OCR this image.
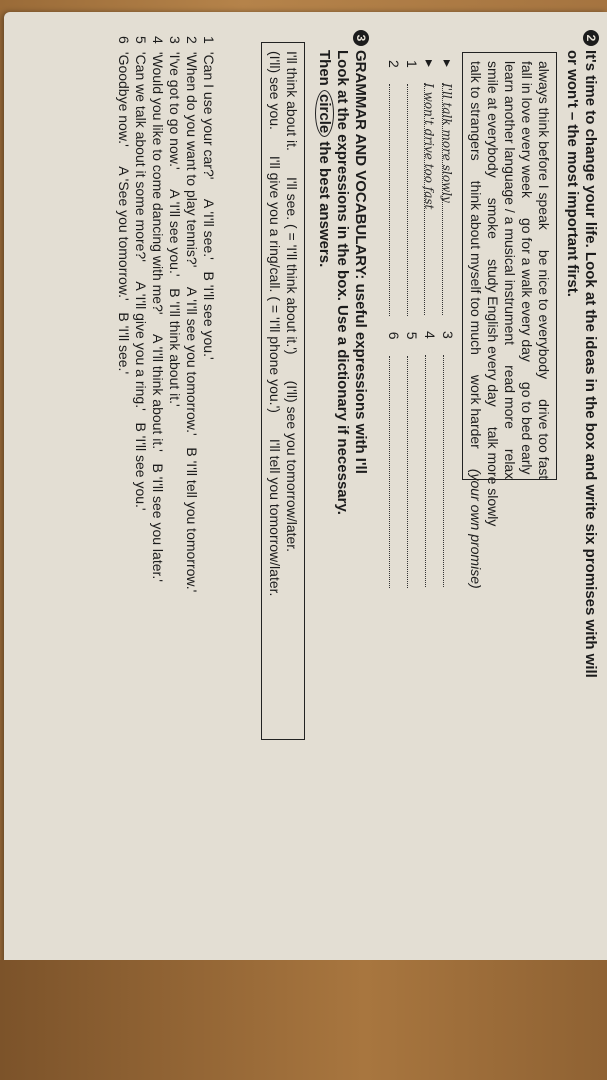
2It's time to change your life. Look at the ideas in the box and write six promises with will
or won't – the most important first.
always think before I speak
be nice to everybody
drive too fast
fall in love every week
go for a walk every day
go to bed early
learn another language / a musical instrument
read more
relax
smile at everybody
smoke
study English every day
talk more slowly
talk to strangers
think about myself too much
work harder
(your own promise)
▸
I'll talk more slowly
3
▸
I won't drive too fast
4
1
5
2
6
3GRAMMAR AND VOCABULARY: useful expressions with I'll
Look at the expressions in the box. Use a dictionary if necessary.
Then circle the best answers.
I'll think about it.
I'll see. ( = 'I'll think about it.')
(I'll) see you tomorrow/later.
(I'll) see you.
I'll give you a ring/call. ( = 'I'll phone you.')
I'll tell you tomorrow/later.
1 'Can I use your car?'     A 'I'll see.'   B 'I'll see you.'
2 'When do you want to play tennis?'     A 'I'll see you tomorrow.'   B 'I'll tell you tomorrow.'
3 'I've got to go now.'     A 'I'll see you.'   B 'I'll think about it.'
4 'Would you like to come dancing with me?'     A 'I'll think about it.'   B 'I'll see you later.'
5 'Can we talk about it some more?'     A 'I'll give you a ring.'   B 'I'll see you.'
6 'Goodbye now.'     A 'See you tomorrow.'   B 'I'll see.'
